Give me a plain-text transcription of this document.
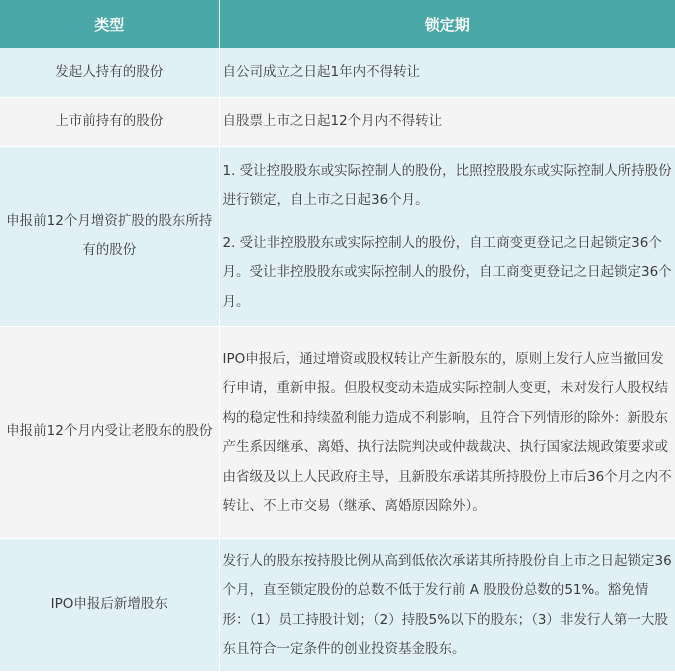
类型	锁定期
发起人持有的股份	自公司成立之日起1年内不得转让

上市前持有的股份	自股票上市之日起12个月内不得转让

申报前12个月增资扩股的股东所持有的股份	1. 受让控股股东或实际控制人的股份，比照控股股东或实际控制人所持股份进行锁定，自上市之日起36个月。
2. 受让非控股股东或实际控制人的股份，自工商变更登记之日起锁定36个月。受让非控股股东或实际控制人的股份，自工商变更登记之日起锁定36个月。

申报前12个月内受让老股东的股份	IPO申报后，通过增资或股权转让产生新股东的，原则上发行人应当撤回发行申请，重新申报。但股权变动未造成实际控制人变更，未对发行人股权结构的稳定性和持续盈利能力造成不利影响，且符合下列情形的除外：新股东产生系因继承、离婚、执行法院判决或仲裁裁决、执行国家法规政策要求或由省级及以上人民政府主导，且新股东承诺其所持股份上市后36个月之内不转让、不上市交易（继承、离婚原因除外）。

IPO申报后新增股东	发行人的股东按持股比例从高到低依次承诺其所持股份自上市之日起锁定36个月，直至锁定股份的总数不低于发行前 A 股股份总数的51%。豁免情形：（1）员工持股计划；（2）持股5%以下的股东；（3）非发行人第一大股东且符合一定条件的创业投资基金股东。
